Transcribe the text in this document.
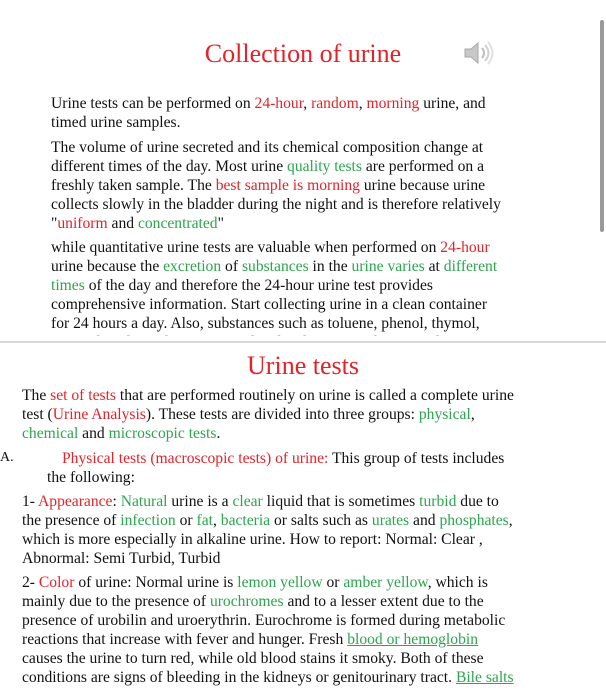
Collection of urine

Urine tests can be performed on 24-hour, random, morning urine, and
timed urine samples.

The volume of urine secreted and its chemical composition change at
different times of the day. Most urine quality tests are performed on a
freshly taken sample. The best sample is morning urine because urine
collects slowly in the bladder during the night and is therefore relatively
"uniform and concentrated"

while quantitative urine tests are valuable when performed on 24-hour
urine because the excretion of substances in the urine varies at different
times of the day and therefore the 24-hour urine test provides
comprehensive information. Start collecting urine in a clean container
for 24 hours a day. Also, substances such as toluene, phenol, thymol,

Urine tests

The set of tests that are performed routinely on urine is called a complete urine
test (Urine Analysis). These tests are divided into three groups: physical,
chemical and microscopic tests.

A.	Physical tests (macroscopic tests) of urine: This group of tests includes

the following:

1- Appearance: Natural urine is a clear liquid that is sometimes turbid due to
the presence of infection or fat, bacteria or salts such as urates and phosphates,
which is more especially in alkaline urine. How to report: Normal: Clear ,
Abnormal: Semi Turbid, Turbid

2- Color of urine: Normal urine is lemon yellow or amber yellow, which is
mainly due to the presence of urochromes and to a lesser extent due to the
presence of urobilin and uroerythrin. Eurochrome is formed during metabolic
reactions that increase with fever and hunger. Fresh blood or hemoglobin
causes the urine to turn red, while old blood stains it smoky. Both of these
conditions are signs of bleeding in the kidneys or genitourinary tract. Bile salts
